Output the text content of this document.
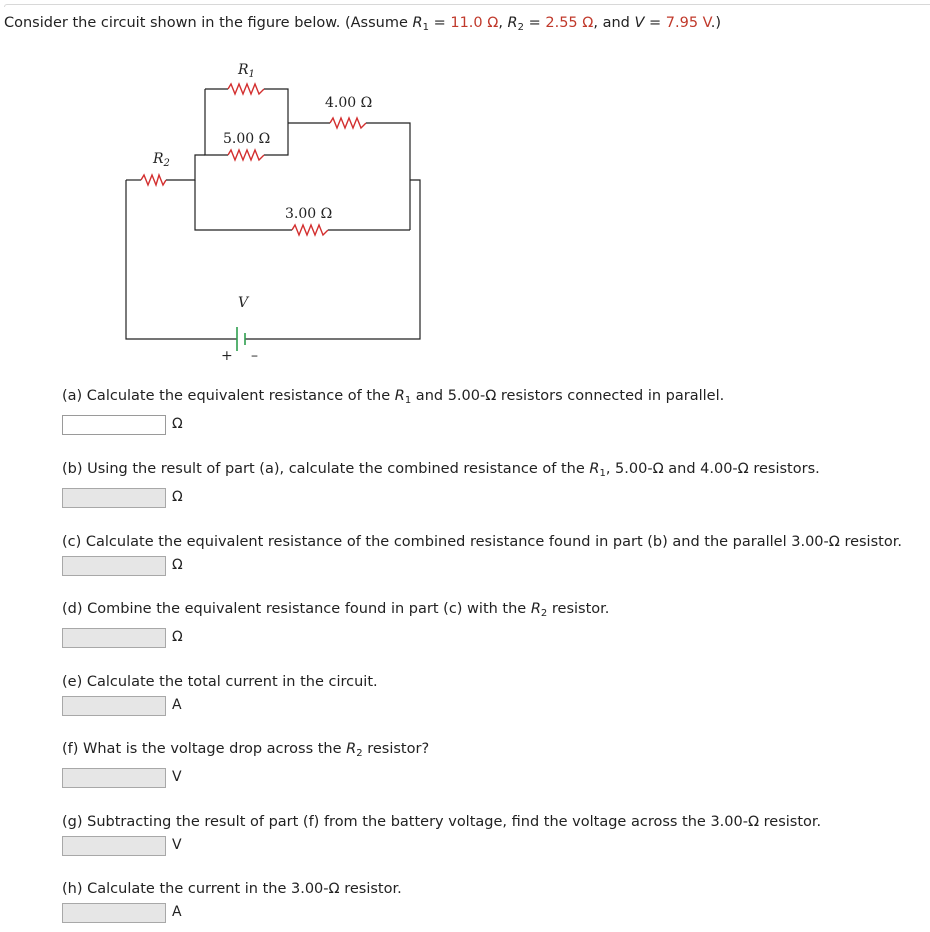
Consider the circuit shown in the figure below. (Assume $R_1 = 11.0$ Ω, $R_2 = 2.55$ Ω, and V = 7.95 V.)
$R_1$
5.00 Ω
4.00 Ω
3.00 Ω
$R_2$
V
+ –
(a) Calculate the equivalent resistance of the $R_1$ and 5.00-Ω resistors connected in parallel.
Ω
(b) Using the result of part (a), calculate the combined resistance of the $R_1$, 5.00-Ω and 4.00-Ω resistors.
Ω
(c) Calculate the equivalent resistance of the combined resistance found in part (b) and the parallel 3.00-Ω resistor.
Ω
(d) Combine the equivalent resistance found in part (c) with the $R_2$ resistor.
Ω
(e) Calculate the total current in the circuit.
A
(f) What is the voltage drop across the $R_2$ resistor?
V
(g) Subtracting the result of part (f) from the battery voltage, find the voltage across the 3.00-Ω resistor.
V
(h) Calculate the current in the 3.00-Ω resistor.
A
